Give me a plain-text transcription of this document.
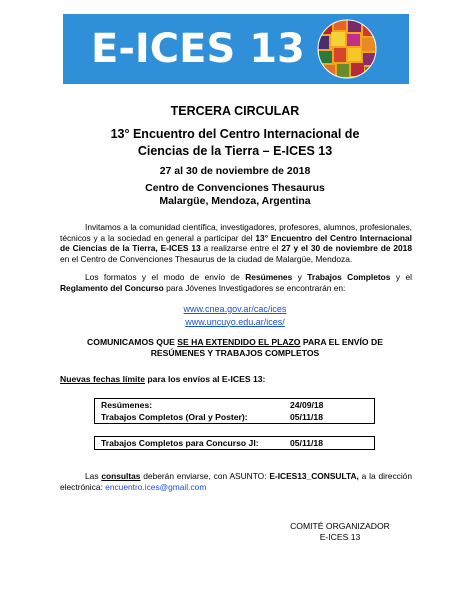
E-ICES 13
TERCERA CIRCULAR
13° Encuentro del Centro Internacional de
Ciencias de la Tierra – E-ICES 13
27 al 30 de noviembre de 2018
Centro de Convenciones Thesaurus
Malargüe, Mendoza, Argentina

Invitamos a la comunidad científica, investigadores, profesores, alumnos, profesionales, técnicos y a la sociedad en general a participar del 13° Encuentro del Centro Internacional de Ciencias de la Tierra, E-ICES 13 a realizarse entre el 27 y el 30 de noviembre de 2018 en el Centro de Convenciones Thesaurus de la ciudad de Malargüe, Mendoza.

Los formatos y el modo de envío de Resúmenes y Trabajos Completos y el Reglamento del Concurso para Jóvenes Investigadores se encontrarán en:

www.cnea.gov.ar/cac/ices
www.uncuyo.edu.ar/ices/
COMUNICAMOS QUE SE HA EXTENDIDO EL PLAZO PARA EL ENVÍO DE
RESÚMENES Y TRABAJOS COMPLETOS
Nuevas fechas límite para los envíos al E-ICES 13:
Resúmenes:	24/09/18
Trabajos Completos (Oral y Poster):	05/11/18
Trabajos Completos para Concurso JI:	05/11/18

Las consultas deberán enviarse, con ASUNTO: E-ICES13_CONSULTA, a la dirección electrónica: encuentro.ices@gmail.com

COMITÉ ORGANIZADOR
E-ICES 13
